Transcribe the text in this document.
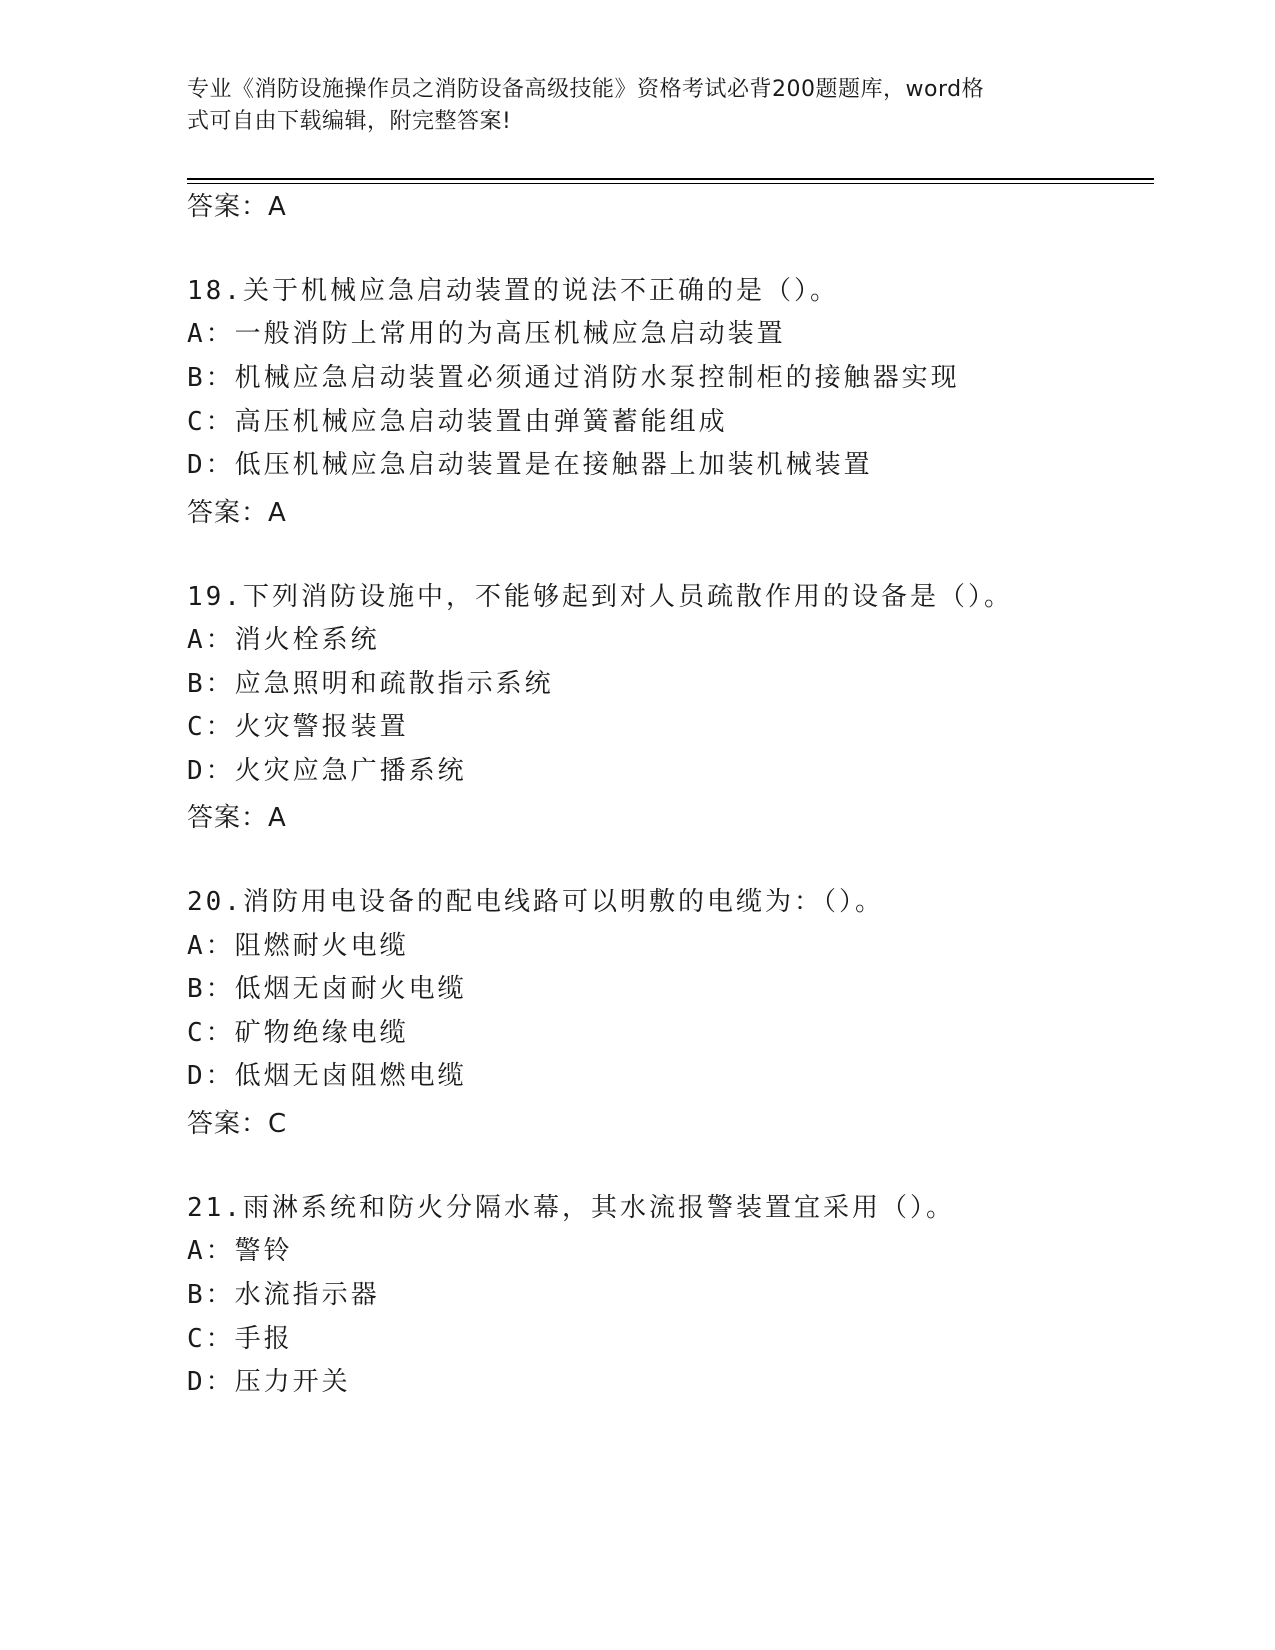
专业《消防设施操作员之消防设备高级技能》资格考试必背200题题库，word格
式可自由下载编辑，附完整答案!
答案：A
18.关于机械应急启动装置的说法不正确的是（）。
A：一般消防上常用的为高压机械应急启动装置
B：机械应急启动装置必须通过消防水泵控制柜的接触器实现
C：高压机械应急启动装置由弹簧蓄能组成
D：低压机械应急启动装置是在接触器上加装机械装置
答案：A
19.下列消防设施中，不能够起到对人员疏散作用的设备是（）。
A：消火栓系统
B：应急照明和疏散指示系统
C：火灾警报装置
D：火灾应急广播系统
答案：A
20.消防用电设备的配电线路可以明敷的电缆为：（）。
A：阻燃耐火电缆
B：低烟无卤耐火电缆
C：矿物绝缘电缆
D：低烟无卤阻燃电缆
答案：C
21.雨淋系统和防火分隔水幕，其水流报警装置宜采用（）。
A：警铃
B：水流指示器
C：手报
D：压力开关
